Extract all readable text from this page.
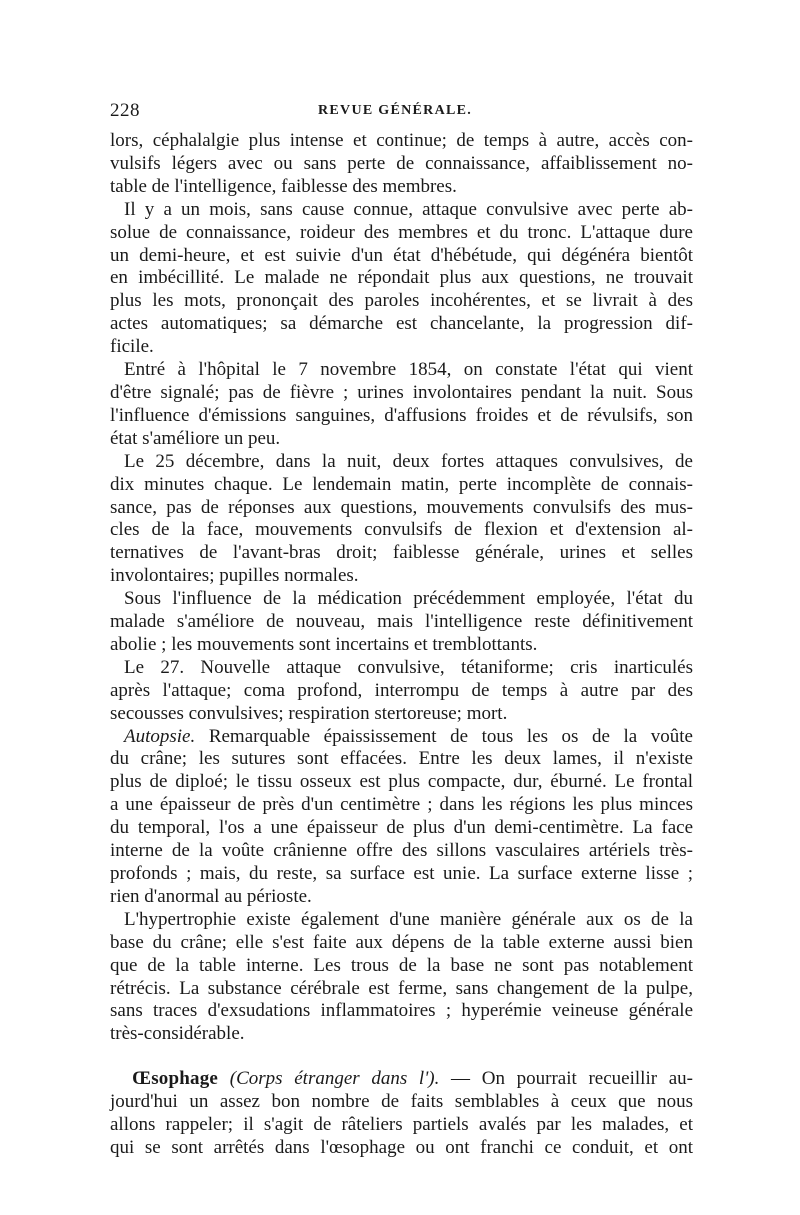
228	REVUE GÉNÉRALE.

lors, céphalalgie plus intense et continue; de temps à autre, accès con-
vulsifs légers avec ou sans perte de connaissance, affaiblissement no-
table de l'intelligence, faiblesse des membres.

Il y a un mois, sans cause connue, attaque convulsive avec perte ab-
solue de connaissance, roideur des membres et du tronc. L'attaque dure
un demi-heure, et est suivie d'un état d'hébétude, qui dégénéra bientôt
en imbécillité. Le malade ne répondait plus aux questions, ne trouvait
plus les mots, prononçait des paroles incohérentes, et se livrait à des
actes automatiques; sa démarche est chancelante, la progression dif-
ficile.

Entré à l'hôpital le 7 novembre 1854, on constate l'état qui vient
d'être signalé; pas de fièvre ; urines involontaires pendant la nuit. Sous
l'influence d'émissions sanguines, d'affusions froides et de révulsifs, son
état s'améliore un peu.

Le 25 décembre, dans la nuit, deux fortes attaques convulsives, de
dix minutes chaque. Le lendemain matin, perte incomplète de connais-
sance, pas de réponses aux questions, mouvements convulsifs des mus-
cles de la face, mouvements convulsifs de flexion et d'extension al-
ternatives de l'avant-bras droit; faiblesse générale, urines et selles
involontaires; pupilles normales.

Sous l'influence de la médication précédemment employée, l'état du
malade s'améliore de nouveau, mais l'intelligence reste définitivement
abolie ; les mouvements sont incertains et tremblottants.

Le 27. Nouvelle attaque convulsive, tétaniforme; cris inarticulés
après l'attaque; coma profond, interrompu de temps à autre par des
secousses convulsives; respiration stertoreuse; mort.

Autopsie. Remarquable épaississement de tous les os de la voûte
du crâne; les sutures sont effacées. Entre les deux lames, il n'existe
plus de diploé; le tissu osseux est plus compacte, dur, éburné. Le frontal
a une épaisseur de près d'un centimètre ; dans les régions les plus minces
du temporal, l'os a une épaisseur de plus d'un demi-centimètre. La face
interne de la voûte crânienne offre des sillons vasculaires artériels très-
profonds ; mais, du reste, sa surface est unie. La surface externe lisse ;
rien d'anormal au périoste.

L'hypertrophie existe également d'une manière générale aux os de la
base du crâne; elle s'est faite aux dépens de la table externe aussi bien
que de la table interne. Les trous de la base ne sont pas notablement
rétrécis. La substance cérébrale est ferme, sans changement de la pulpe,
sans traces d'exsudations inflammatoires ; hyperémie veineuse générale
très-considérable.

Œsophage (Corps étranger dans l'). — On pourrait recueillir au-
jourd'hui un assez bon nombre de faits semblables à ceux que nous
allons rappeler; il s'agit de râteliers partiels avalés par les malades, et
qui se sont arrêtés dans l'œsophage ou ont franchi ce conduit, et ont
